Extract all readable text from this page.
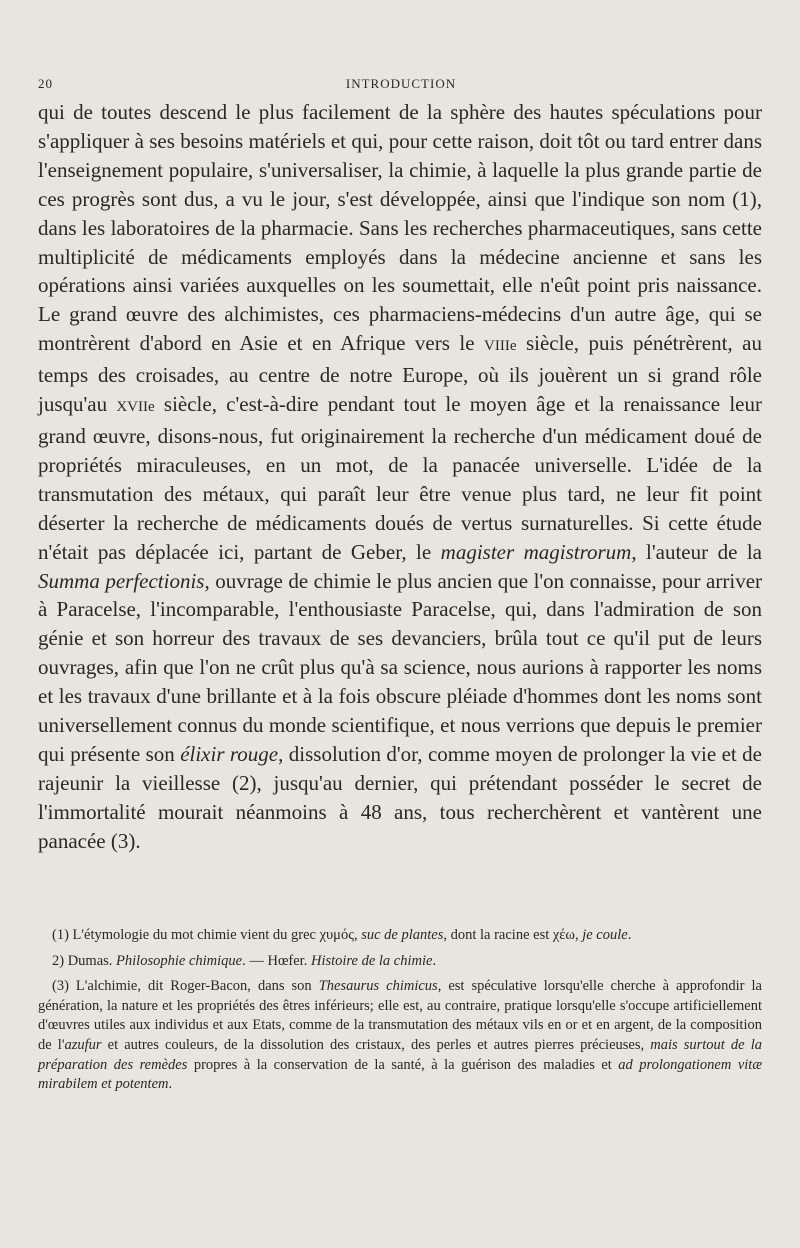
20	INTRODUCTION

qui de toutes descend le plus facilement de la sphère des hautes spéculations pour s'appliquer à ses besoins matériels et qui, pour cette raison, doit tôt ou tard entrer dans l'enseignement populaire, s'universaliser, la chimie, à laquelle la plus grande partie de ces progrès sont dus, a vu le jour, s'est développée, ainsi que l'indique son nom (1), dans les laboratoires de la pharmacie. Sans les recherches pharmaceutiques, sans cette multiplicité de médicaments employés dans la médecine ancienne et sans les opérations ainsi variées auxquelles on les soumettait, elle n'eût point pris naissance. Le grand œuvre des alchimistes, ces pharmaciens-médecins d'un autre âge, qui se montrèrent d'abord en Asie et en Afrique vers le VIIIe siècle, puis pénétrèrent, au temps des croisades, au centre de notre Europe, où ils jouèrent un si grand rôle jusqu'au XVIIe siècle, c'est-à-dire pendant tout le moyen âge et la renaissance leur grand œuvre, disons-nous, fut originairement la recherche d'un médicament doué de propriétés miraculeuses, en un mot, de la panacée universelle. L'idée de la transmutation des métaux, qui paraît leur être venue plus tard, ne leur fit point déserter la recherche de médicaments doués de vertus surnaturelles. Si cette étude n'était pas déplacée ici, partant de Geber, le magister magistrorum, l'auteur de la Summa perfectionis, ouvrage de chimie le plus ancien que l'on connaisse, pour arriver à Paracelse, l'incomparable, l'enthousiaste Paracelse, qui, dans l'admiration de son génie et son horreur des travaux de ses devanciers, brûla tout ce qu'il put de leurs ouvrages, afin que l'on ne crût plus qu'à sa science, nous aurions à rapporter les noms et les travaux d'une brillante et à la fois obscure pléiade d'hommes dont les noms sont universellement connus du monde scientifique, et nous verrions que depuis le premier qui présente son élixir rouge, dissolution d'or, comme moyen de prolonger la vie et de rajeunir la vieillesse (2), jusqu'au dernier, qui prétendant posséder le secret de l'immortalité mourait néanmoins à 48 ans, tous recherchèrent et vantèrent une panacée (3).

(1) L'étymologie du mot chimie vient du grec χυμός, suc de plantes, dont la racine est χέω, je coule.

2) Dumas. Philosophie chimique. — Hœfer. Histoire de la chimie.

(3) L'alchimie, dit Roger-Bacon, dans son Thesaurus chimicus, est spéculative lorsqu'elle cherche à approfondir la génération, la nature et les propriétés des êtres inférieurs; elle est, au contraire, pratique lorsqu'elle s'occupe artificiellement d'œuvres utiles aux individus et aux Etats, comme de la transmutation des métaux vils en or et en argent, de la composition de l'azufur et autres couleurs, de la dissolution des cristaux, des perles et autres pierres précieuses, mais surtout de la préparation des remèdes propres à la conservation de la santé, à la guérison des maladies et ad prolongationem vitæ mirabilem et potentem.
